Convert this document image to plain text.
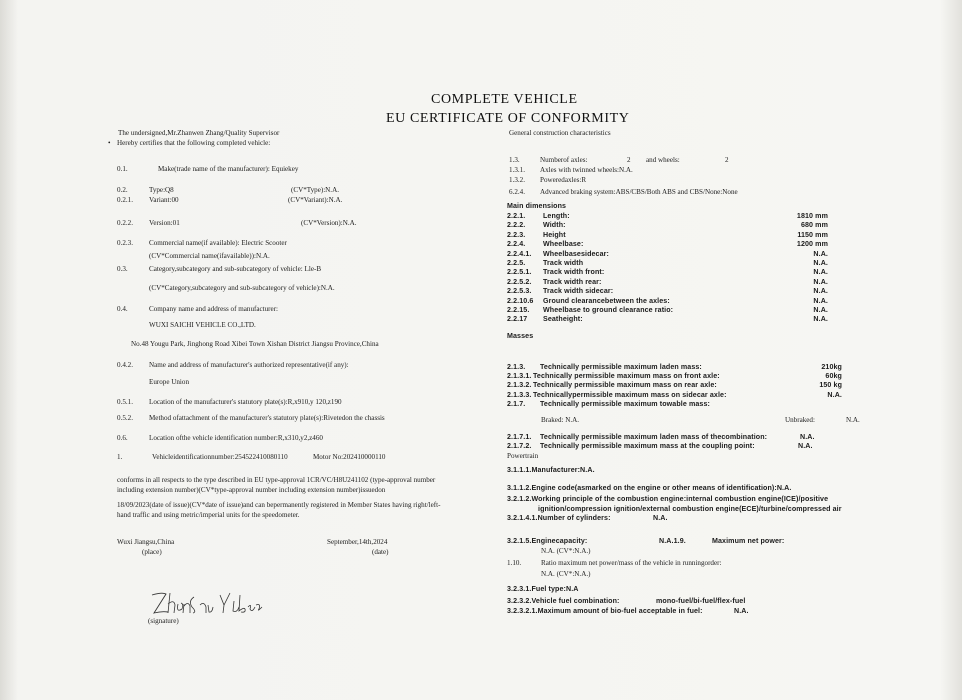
COMPLETE VEHICLE
EU CERTIFICATE OF CONFORMITY
The undersigned,Mr.Zhanwen Zhang/Quality Supervisor
• Hereby certifies that the following completed vehicle:
0.1.	Make(trade name of the manufacturer): Equiekey
0.2.	Type:Q8	(CV*Type):N.A.
0.2.1. Variant:00	(CV*Variant):N.A.
0.2.2. Version:01	(CV*Version):N.A.
0.2.3. Commercial name(if available): Electric Scooter
(CV*Commercial name(ifavailable)):N.A.
0.3.	Category,subcategory and sub-subcategory of vehicle: Lle-B
(CV*Category,subcategory and sub-subcategory of vehicle):N.A.
0.4.	Company name and address of manufacturer:
WUXI SAICHI VEHICLE CO.,LTD.
No.48 Yougu Park, Jinghong Road Xibei Town Xishan District Jiangsu Province,China
0.4.2. Name and address of manufacturer's authorized representative(if any):
Europe Union
0.5.1. Location of the manufacturer's statutory plate(s):R,x910,y 120,z190
0.5.2. Method ofattachment of the manufacturer's statutory plate(s):Rivetedon the chassis
0.6.	Location ofthe vehicle identification number:R,x310,y2,z460
1.	Vehicleidentificationnumber:254522410080110	Motor No:202410000110
conforms in all respects to the type described in EU type-approval 1CR/VC/H8U241102 (type-approval number
including extension number)(CV*type-approval number including extension number)issuedon
18/09/2023(date of issue)(CV*date of issue)and can bepermanently registered in Member States having right/left-
hand traffic and using metric/imperial units for the speedometer.
Wuxi Jiangsu,China
(place)
September,14th,2024
(date)
(signature)
General construction characteristics
1.3.	Numberof axles:	2 and wheels:	2
1.3.1. Axles with twinned wheels:N.A.
1.3.2. Poweredaxles:R
6.2.4. Advanced braking system:ABS/CBS/Both ABS and CBS/None:None
Main dimensions
2.2.1. Length:	1810 mm
2.2.2. Width:	680 mm
2.2.3. Height	1150 mm
2.2.4. Wheelbase:	1200 mm
2.2.4.1. Wheelbasesidecar:	N.A.
2.2.5. Track width	N.A.
2.2.5.1. Track width front:	N.A.
2.2.5.2. Track width rear:	N.A.
2.2.5.3. Track width sidecar:	N.A.
2.2.10.6 Ground clearancebetween the axles:	N.A.
2.2.15. Wheelbase to ground clearance ratio:	N.A.
2.2.17 Seatheight:	N.A.
Masses
2.1.3. Technically permissible maximum laden mass:	210kg
2.1.3.1. Technically permissible maximum mass on front axle:	60kg
2.1.3.2. Technically permissible maximum mass on rear axle:	150 kg
2.1.3.3. Technicallypermissible maximum mass on sidecar axle:	N.A.
2.1.7. Technically permissible maximum towable mass:
Braked: N.A.	Unbraked:	N.A.
2.1.7.1. Technically permissible maximum laden mass of thecombination:	N.A.
2.1.7.2. Technically permissible maximum mass at the coupling point:	N.A.
Powertrain
3.1.1.1.Manufacturer:N.A.
3.1.1.2.Engine code(asmarked on the engine or other means of identification):N.A.
3.2.1.2.Working principle of the combustion engine:internal combustion engine(ICE)/positive
ignition/compression ignition/external combustion engine(ECE)/turbine/compressed air
3.2.1.4.1.Number of cylinders:	N.A.
3.2.1.5.Enginecapacity:	N.A.1.9.	Maximum net power:
N.A. (CV*:N.A.)
1.10.	Ratio maximum net power/mass of the vehicle in runningorder:
N.A. (CV*:N.A.)
3.2.3.1.Fuel type:N.A
3.2.3.2.Vehicle fuel combination:	mono-fuel/bi-fuel/flex-fuel
3.2.3.2.1.Maximum amount of bio-fuel acceptable in fuel:	N.A.
